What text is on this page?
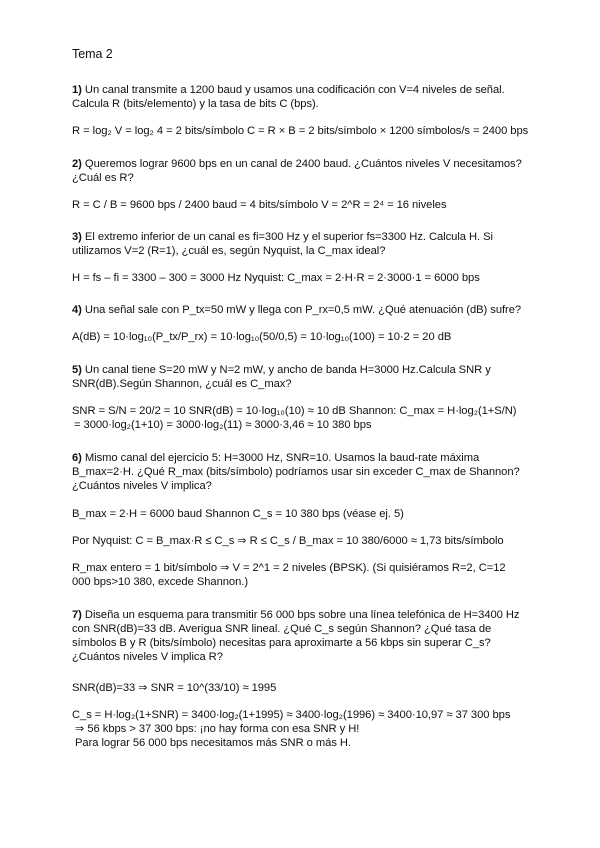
Tema 2
1) Un canal transmite a 1200 baud y usamos una codificación con V=4 niveles de señal.
Calcula R (bits/elemento) y la tasa de bits C (bps).
R = log₂ V = log₂ 4 = 2 bits/símbolo C = R × B = 2 bits/símbolo × 1200 símbolos/s = 2400 bps
2) Queremos lograr 9600 bps en un canal de 2400 baud. ¿Cuántos niveles V necesitamos?
¿Cuál es R?
R = C / B = 9600 bps / 2400 baud = 4 bits/símbolo V = 2^R = 2⁴ = 16 niveles
3) El extremo inferior de un canal es fi=300 Hz y el superior fs=3300 Hz. Calcula H. Si
utilizamos V=2 (R=1), ¿cuál es, según Nyquist, la C_max ideal?
H = fs – fi = 3300 – 300 = 3000 Hz Nyquist: C_max = 2·H·R = 2·3000·1 = 6000 bps
4) Una señal sale con P_tx=50 mW y llega con P_rx=0,5 mW. ¿Qué atenuación (dB) sufre?
A(dB) = 10·log₁₀(P_tx/P_rx) = 10·log₁₀(50/0,5) = 10·log₁₀(100) = 10·2 = 20 dB
5) Un canal tiene S=20 mW y N=2 mW, y ancho de banda H=3000 Hz.Calcula SNR y
SNR(dB).Según Shannon, ¿cuál es C_max?
SNR = S/N = 20/2 = 10 SNR(dB) = 10·log₁₀(10) ≈ 10 dB Shannon: C_max = H·log₂(1+S/N)
= 3000·log₂(1+10) = 3000·log₂(11) ≈ 3000·3,46 ≈ 10 380 bps
6) Mismo canal del ejercicio 5: H=3000 Hz, SNR=10. Usamos la baud-rate máxima
B_max=2·H. ¿Qué R_max (bits/símbolo) podríamos usar sin exceder C_max de Shannon?
¿Cuántos niveles V implica?
B_max = 2·H = 6000 baud Shannon C_s = 10 380 bps (véase ej. 5)
Por Nyquist: C = B_max·R ≤ C_s ⇒ R ≤ C_s / B_max = 10 380/6000 ≈ 1,73 bits/símbolo
R_max entero = 1 bit/símbolo ⇒ V = 2^1 = 2 niveles (BPSK). (Si quisiéramos R=2, C=12
000 bps>10 380, excede Shannon.)
7) Diseña un esquema para transmitir 56 000 bps sobre una línea telefónica de H=3400 Hz
con SNR(dB)=33 dB. Averigua SNR lineal. ¿Qué C_s según Shannon? ¿Qué tasa de
símbolos B y R (bits/símbolo) necesitas para aproximarte a 56 kbps sin superar C_s?
¿Cuántos niveles V implica R?
SNR(dB)=33 ⇒ SNR = 10^(33/10) ≈ 1995
C_s = H·log₂(1+SNR) = 3400·log₂(1+1995) ≈ 3400·log₂(1996) ≈ 3400·10,97 ≈ 37 300 bps
⇒ 56 kbps > 37 300 bps: ¡no hay forma con esa SNR y H!
Para lograr 56 000 bps necesitamos más SNR o más H.
